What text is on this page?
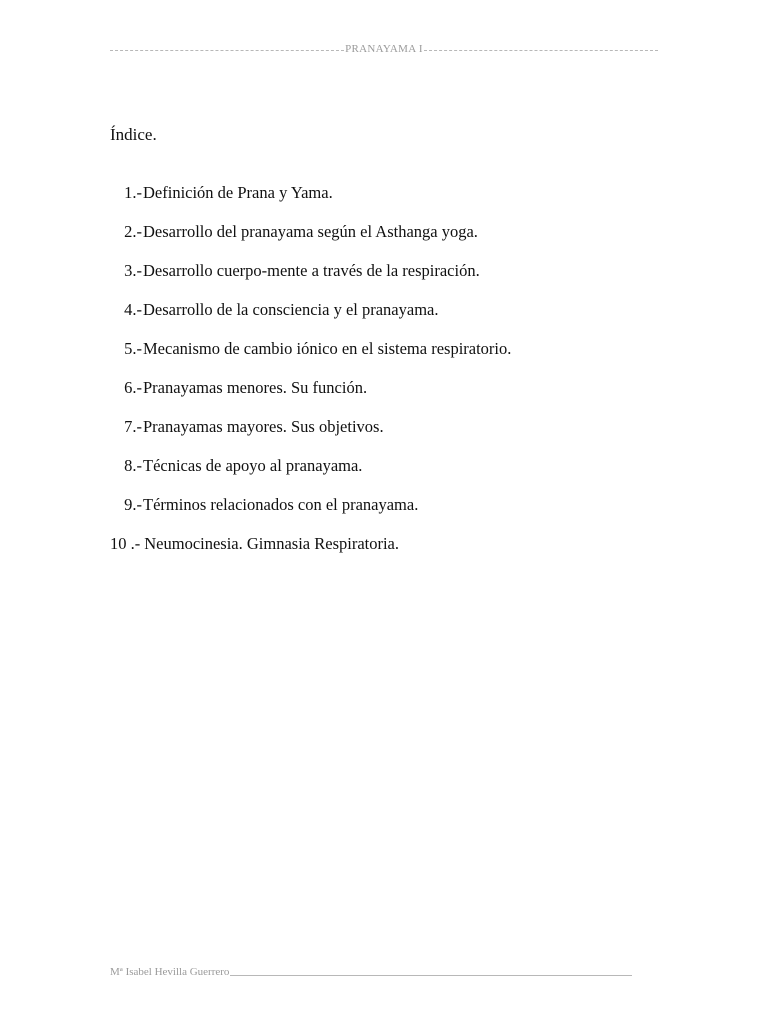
PRANAYAMA I
Índice.
1.- Definición de Prana y Yama.
2.- Desarrollo del pranayama según el Asthanga yoga.
3.- Desarrollo cuerpo-mente a través de la respiración.
4.- Desarrollo de la consciencia y el pranayama.
5.- Mecanismo de cambio iónico en el sistema respiratorio.
6.- Pranayamas menores. Su función.
7.- Pranayamas mayores. Sus objetivos.
8.- Técnicas de apoyo al pranayama.
9.- Términos relacionados con el pranayama.
10 .- Neumocinesia. Gimnasia Respiratoria.
Mª Isabel Hevilla Guerrero
